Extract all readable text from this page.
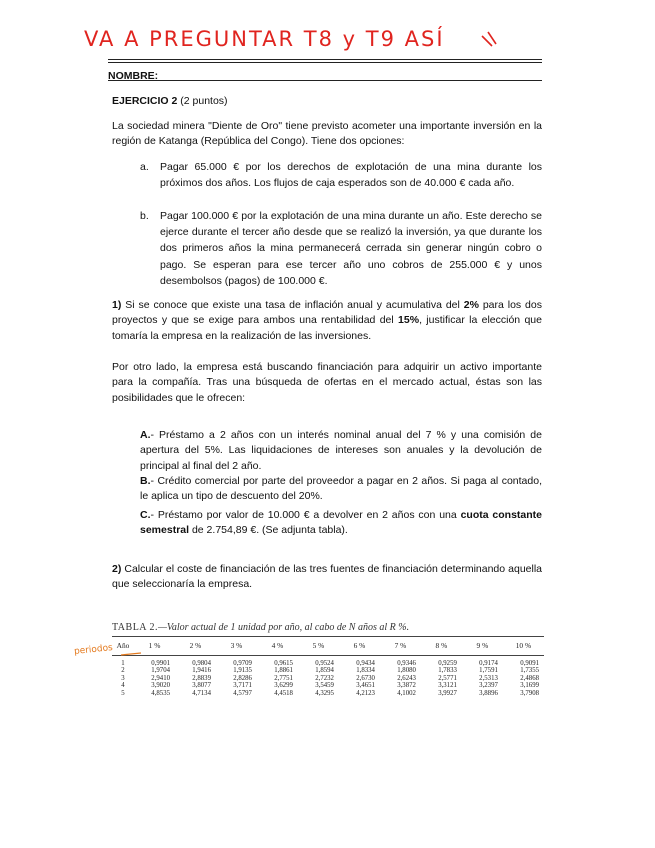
VA A PREGUNTAR T8 y T9 ASÍ
NOMBRE:
EJERCICIO 2 (2 puntos)
La sociedad minera "Diente de Oro" tiene previsto acometer una importante inversión en la región de Katanga (República del Congo). Tiene dos opciones:
a. Pagar 65.000 € por los derechos de explotación de una mina durante los próximos dos años. Los flujos de caja esperados son de 40.000 € cada año.
b. Pagar 100.000 € por la explotación de una mina durante un año. Este derecho se ejerce durante el tercer año desde que se realizó la inversión, ya que durante los dos primeros años la mina permanecerá cerrada sin generar ningún cobro o pago. Se esperan para ese tercer año uno cobros de 255.000 € y unos desembolsos (pagos) de 100.000 €.
1) Si se conoce que existe una tasa de inflación anual y acumulativa del 2% para los dos proyectos y que se exige para ambos una rentabilidad del 15%, justificar la elección que tomaría la empresa en la realización de las inversiones.
Por otro lado, la empresa está buscando financiación para adquirir un activo importante para la compañía. Tras una búsqueda de ofertas en el mercado actual, éstas son las posibilidades que le ofrecen:
A.- Préstamo a 2 años con un interés nominal anual del 7 % y una comisión de apertura del 5%. Las liquidaciones de intereses son anuales y la devolución de principal al final del 2 año.
B.- Crédito comercial por parte del proveedor a pagar en 2 años. Si paga al contado, le aplica un tipo de descuento del 20%.
C.- Préstamo por valor de 10.000 € a devolver en 2 años con una cuota constante semestral de 2.754,89 €. (Se adjunta tabla).
2) Calcular el coste de financiación de las tres fuentes de financiación determinando aquella que seleccionaría la empresa.
periodos
TABLA 2.—Valor actual de 1 unidad por año, al cabo de N años al R %.
Año	1 %	2 %	3 %	4 %	5 %	6 %	7 %	8 %	9 %	10 %
1	0,9901	0,9804	0,9709	0,9615	0,9524	0,9434	0,9346	0,9259	0,9174	0,9091
2	1,9704	1,9416	1,9135	1,8861	1,8594	1,8334	1,8080	1,7833	1,7591	1,7355
3	2,9410	2,8839	2,8286	2,7751	2,7232	2,6730	2,6243	2,5771	2,5313	2,4868
4	3,9020	3,8077	3,7171	3,6299	3,5459	3,4651	3,3872	3,3121	3,2397	3,1699
5	4,8535	4,7134	4,5797	4,4518	4,3295	4,2123	4,1002	3,9927	3,8896	3,7908
